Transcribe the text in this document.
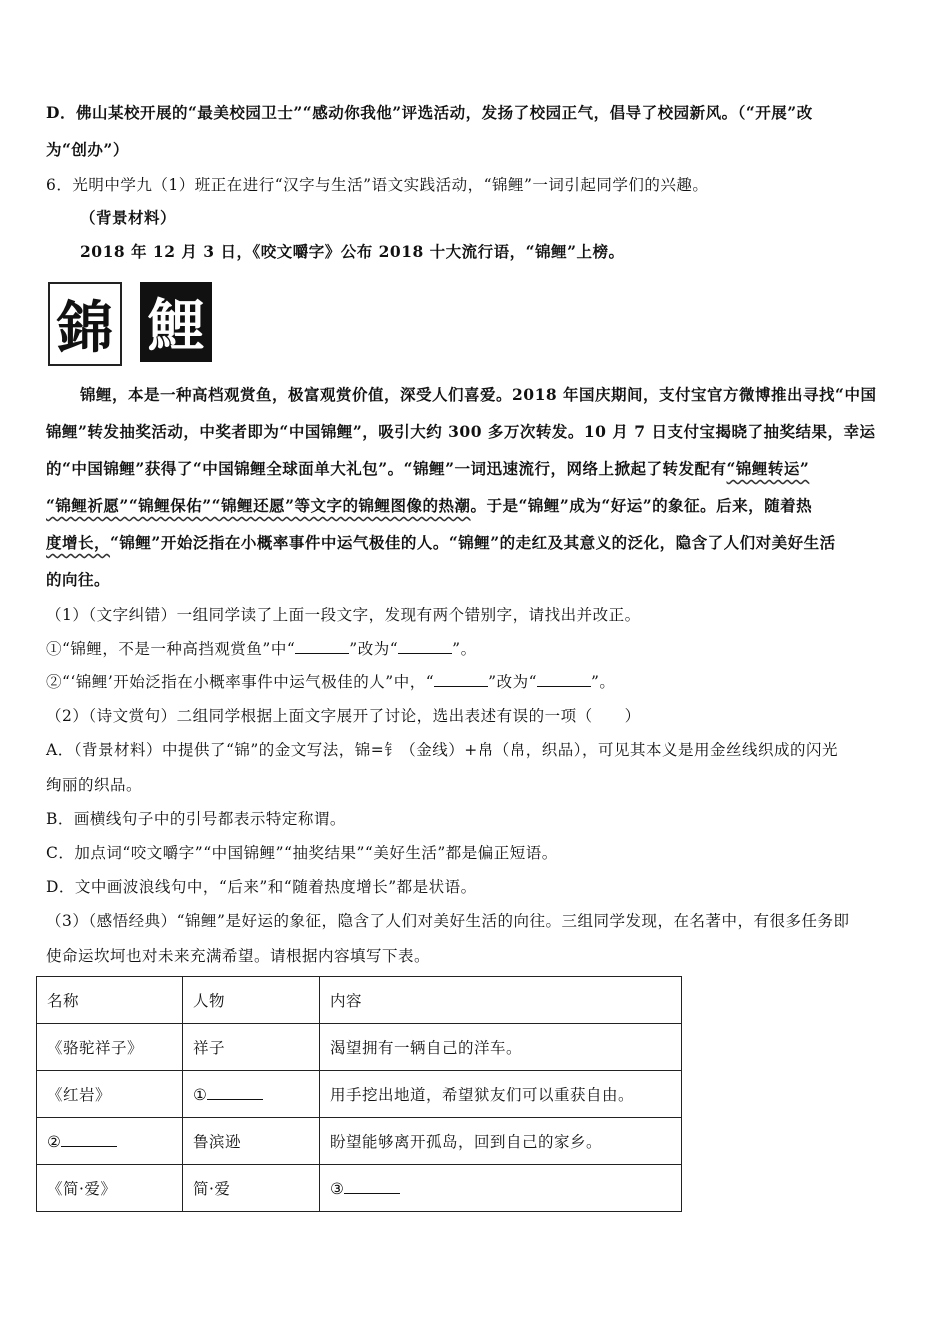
D．佛山某校开展的“最美校园卫士”“感动你我他”评选活动，发扬了校园正气，倡导了校园新风。（“开展”改
为“创办”）
6．光明中学九（1）班正在进行“汉字与生活”语文实践活动，“锦鲤”一词引起同学们的兴趣。
（背景材料）
2018 年 12 月 3 日，《咬文嚼字》公布 2018 十大流行语，“锦鲤”上榜。
錦 鯉
锦鲤，本是一种高档观赏鱼，极富观赏价值，深受人们喜爱。2018 年国庆期间，支付宝官方微博推出寻找“中国
锦鲤”转发抽奖活动，中奖者即为“中国锦鲤”，吸引大约 300 多万次转发。10 月 7 日支付宝揭晓了抽奖结果，幸运
的“中国锦鲤”获得了“中国锦鲤全球面单大礼包”。“锦鲤”一词迅速流行，网络上掀起了转发配有“锦鲤转运”
“锦鲤祈愿”“锦鲤保佑”“锦鲤还愿”等文字的锦鲤图像的热潮。于是“锦鲤”成为“好运”的象征。后来，随着热
度增长，“锦鲤”开始泛指在小概率事件中运气极佳的人。“锦鲤”的走红及其意义的泛化，隐含了人们对美好生活
的向往。
（1）（文字纠错）一组同学读了上面一段文字，发现有两个错别字，请找出并改正。
①“锦鲤，不是一种高挡观赏鱼”中“	”改为“	”。
②“‘锦鲤’开始泛指在小概率事件中运气极佳的人”中，“	”改为“	”。
（2）（诗文赏句）二组同学根据上面文字展开了讨论，选出表述有误的一项（　　）
A．（背景材料）中提供了“锦”的金文写法，锦=钅（金线）+帛（帛，织品），可见其本义是用金丝线织成的闪光
绚丽的织品。
B．画横线句子中的引号都表示特定称谓。
C．加点词“咬文嚼字”“中国锦鲤”“抽奖结果”“美好生活”都是偏正短语。
D．文中画波浪线句中，“后来”和“随着热度增长”都是状语。
（3）（感悟经典）“锦鲤”是好运的象征，隐含了人们对美好生活的向往。三组同学发现，在名著中，有很多任务即
使命运坎坷也对未来充满希望。请根据内容填写下表。
名称	人物	内容
《骆驼祥子》	祥子	渴望拥有一辆自己的洋车。
《红岩》	①	用手挖出地道，希望狱友们可以重获自由。
②	鲁滨逊	盼望能够离开孤岛，回到自己的家乡。
《简·爱》	简·爱	③
